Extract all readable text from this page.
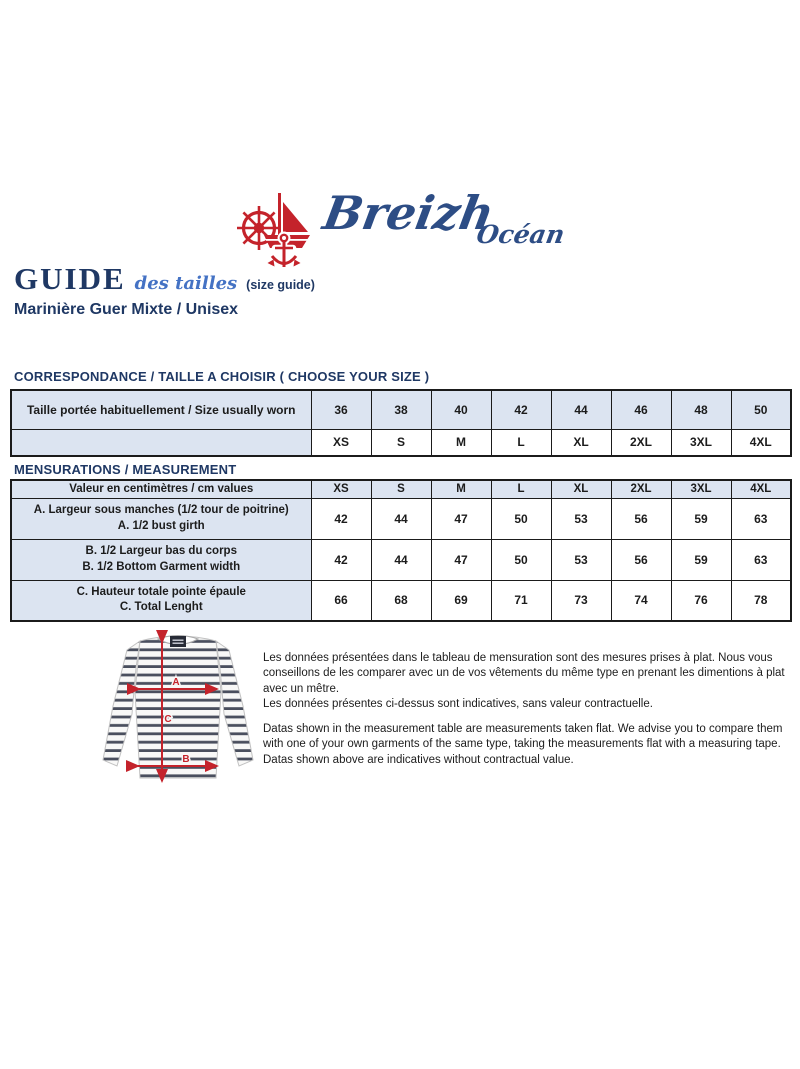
Breizh
Océan
GUIDE des tailles (size guide)
Marinière Guer Mixte / Unisex
CORRESPONDANCE / TAILLE A CHOISIR ( CHOOSE YOUR SIZE )
Taille portée habituellement / Size usually worn	36	38	40	42	44	46	48	50
	XS	S	M	L	XL	2XL	3XL	4XL
MENSURATIONS / MEASUREMENT
Valeur en centimètres / cm values	XS	S	M	L	XL	2XL	3XL	4XL

A. Largeur sous manches (1/2 tour de poitrine)
A. 1/2 bust girth	42	44	47	50	53	56	59	63

B. 1/2 Largeur bas du corps
B. 1/2 Bottom Garment width	42	44	47	50	53	56	59	63

C. Hauteur totale pointe épaule
C. Total Lenght	66	68	69	71	73	74	76	78
A
C
B
Les données présentées dans le tableau de mensuration sont des mesures prises à plat. Nous vous
conseillons de les comparer avec un de vos vêtements du même type en prenant les dimentions à plat
avec un mêtre.
Les données présentes ci-dessus sont indicatives, sans valeur contractuelle.
Datas shown in the measurement table are measurements taken flat. We advise you to compare them
with one of your own garments of the same type, taking the measurements flat with a measuring tape.
Datas shown above are indicatives without contractual value.
